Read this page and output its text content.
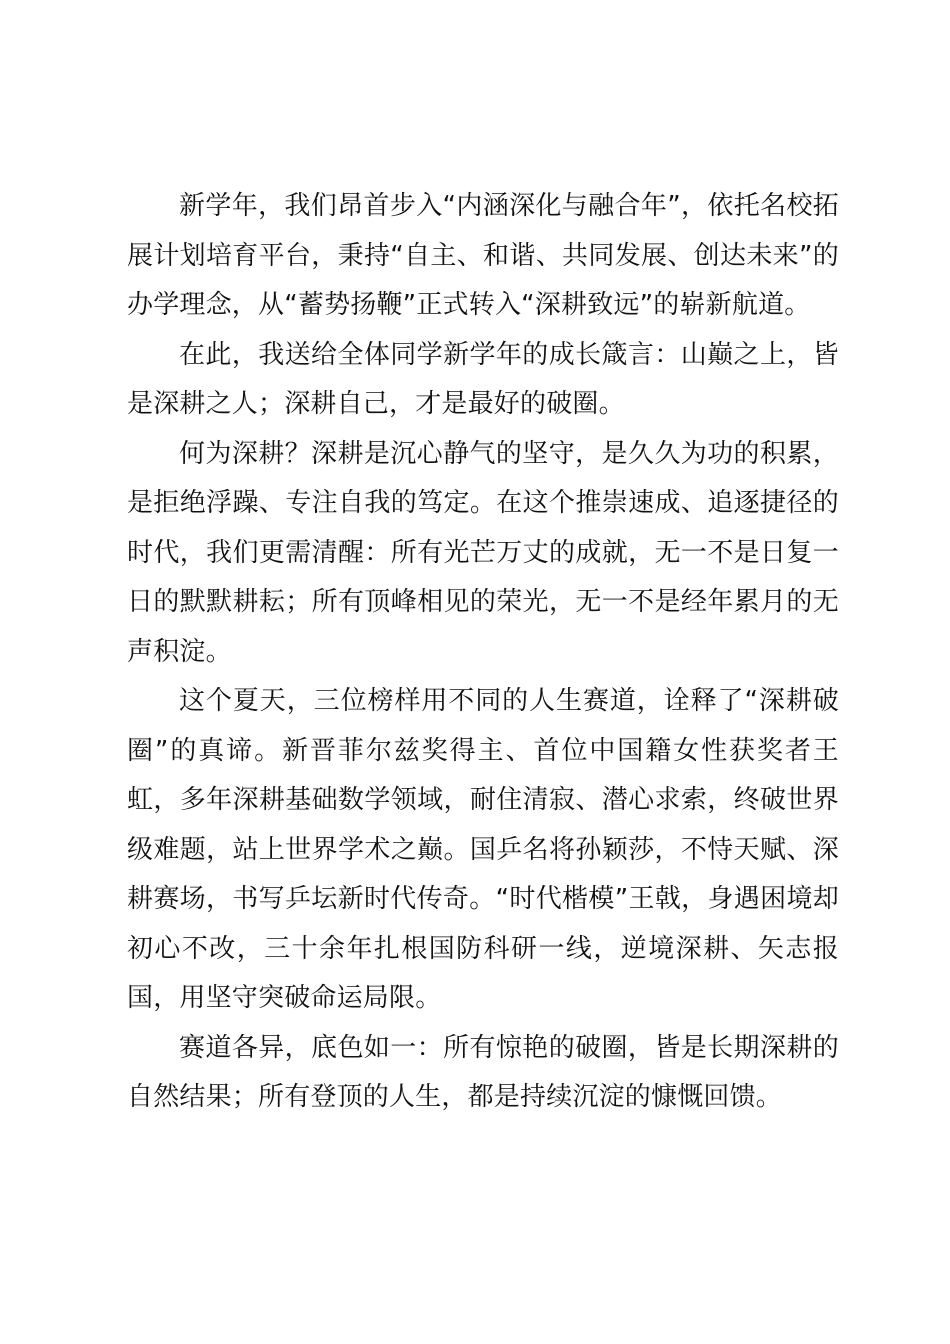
新学年，我们昂首步入“内涵深化与融合年”，依托名校拓展计划培育平台，秉持“自主、和谐、共同发展、创达未来”的办学理念，从“蓄势扬鞭”正式转入“深耕致远”的崭新航道。

在此，我送给全体同学新学年的成长箴言：山巅之上，皆是深耕之人；深耕自己，才是最好的破圈。

何为深耕？深耕是沉心静气的坚守，是久久为功的积累，是拒绝浮躁、专注自我的笃定。在这个推崇速成、追逐捷径的时代，我们更需清醒：所有光芒万丈的成就，无一不是日复一日的默默耕耘；所有顶峰相见的荣光，无一不是经年累月的无声积淀。

这个夏天，三位榜样用不同的人生赛道，诠释了“深耕破圈”的真谛。新晋菲尔兹奖得主、首位中国籍女性获奖者王虹，多年深耕基础数学领域，耐住清寂、潜心求索，终破世界级难题，站上世界学术之巅。国乒名将孙颖莎，不恃天赋、深耕赛场，书写乒坛新时代传奇。“时代楷模”王戟，身遇困境却初心不改，三十余年扎根国防科研一线，逆境深耕、矢志报国，用坚守突破命运局限。

赛道各异，底色如一：所有惊艳的破圈，皆是长期深耕的自然结果；所有登顶的人生，都是持续沉淀的慷慨回馈。
